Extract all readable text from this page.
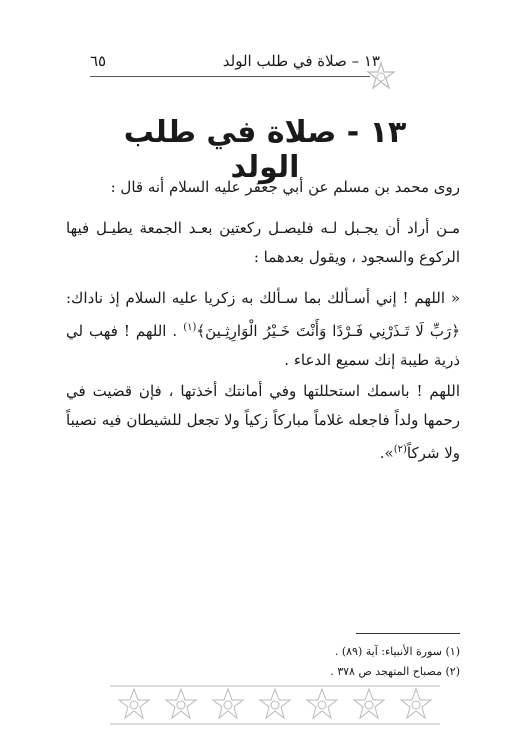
١٣ – صلاة في طلب الولد
٦٥
١٣ - صلاة في طلب الولد
روى محمد بن مسلم عن أبي جعفر عليه السلام أنه قال :
مـن أراد أن يجـبل لـه فليصـل ركعتين بعـد الجمعة يطيـل فيها الركوع والسجود ، ويقول بعدهما :
« اللهم ! إني أسـألك بما سـألك به زكريا عليه السلام إذ ناداك: ﴿رَبِّ لَا تَـذَرْنِي فَـرْدًا وَأَنْتَ خَـيْرُ الْوَارِثِـينَ﴾$^{(١)}$ . اللهم ! فهب لي ذرية طيبة إنك سميع الدعاء .
اللهم ! باسمك استحللتها وفي أمانتك أخذتها ، فإن قضيت في رحمها ولداً فاجعله غلاماً مباركاً زكياً ولا تجعل للشيطان فيه نصيباً ولا شركاً$^{(٢)}$».
(١) سورة الأنبياء: آية (٨٩) .
(٢) مصباح المتهجد ص ٣٧٨ .
